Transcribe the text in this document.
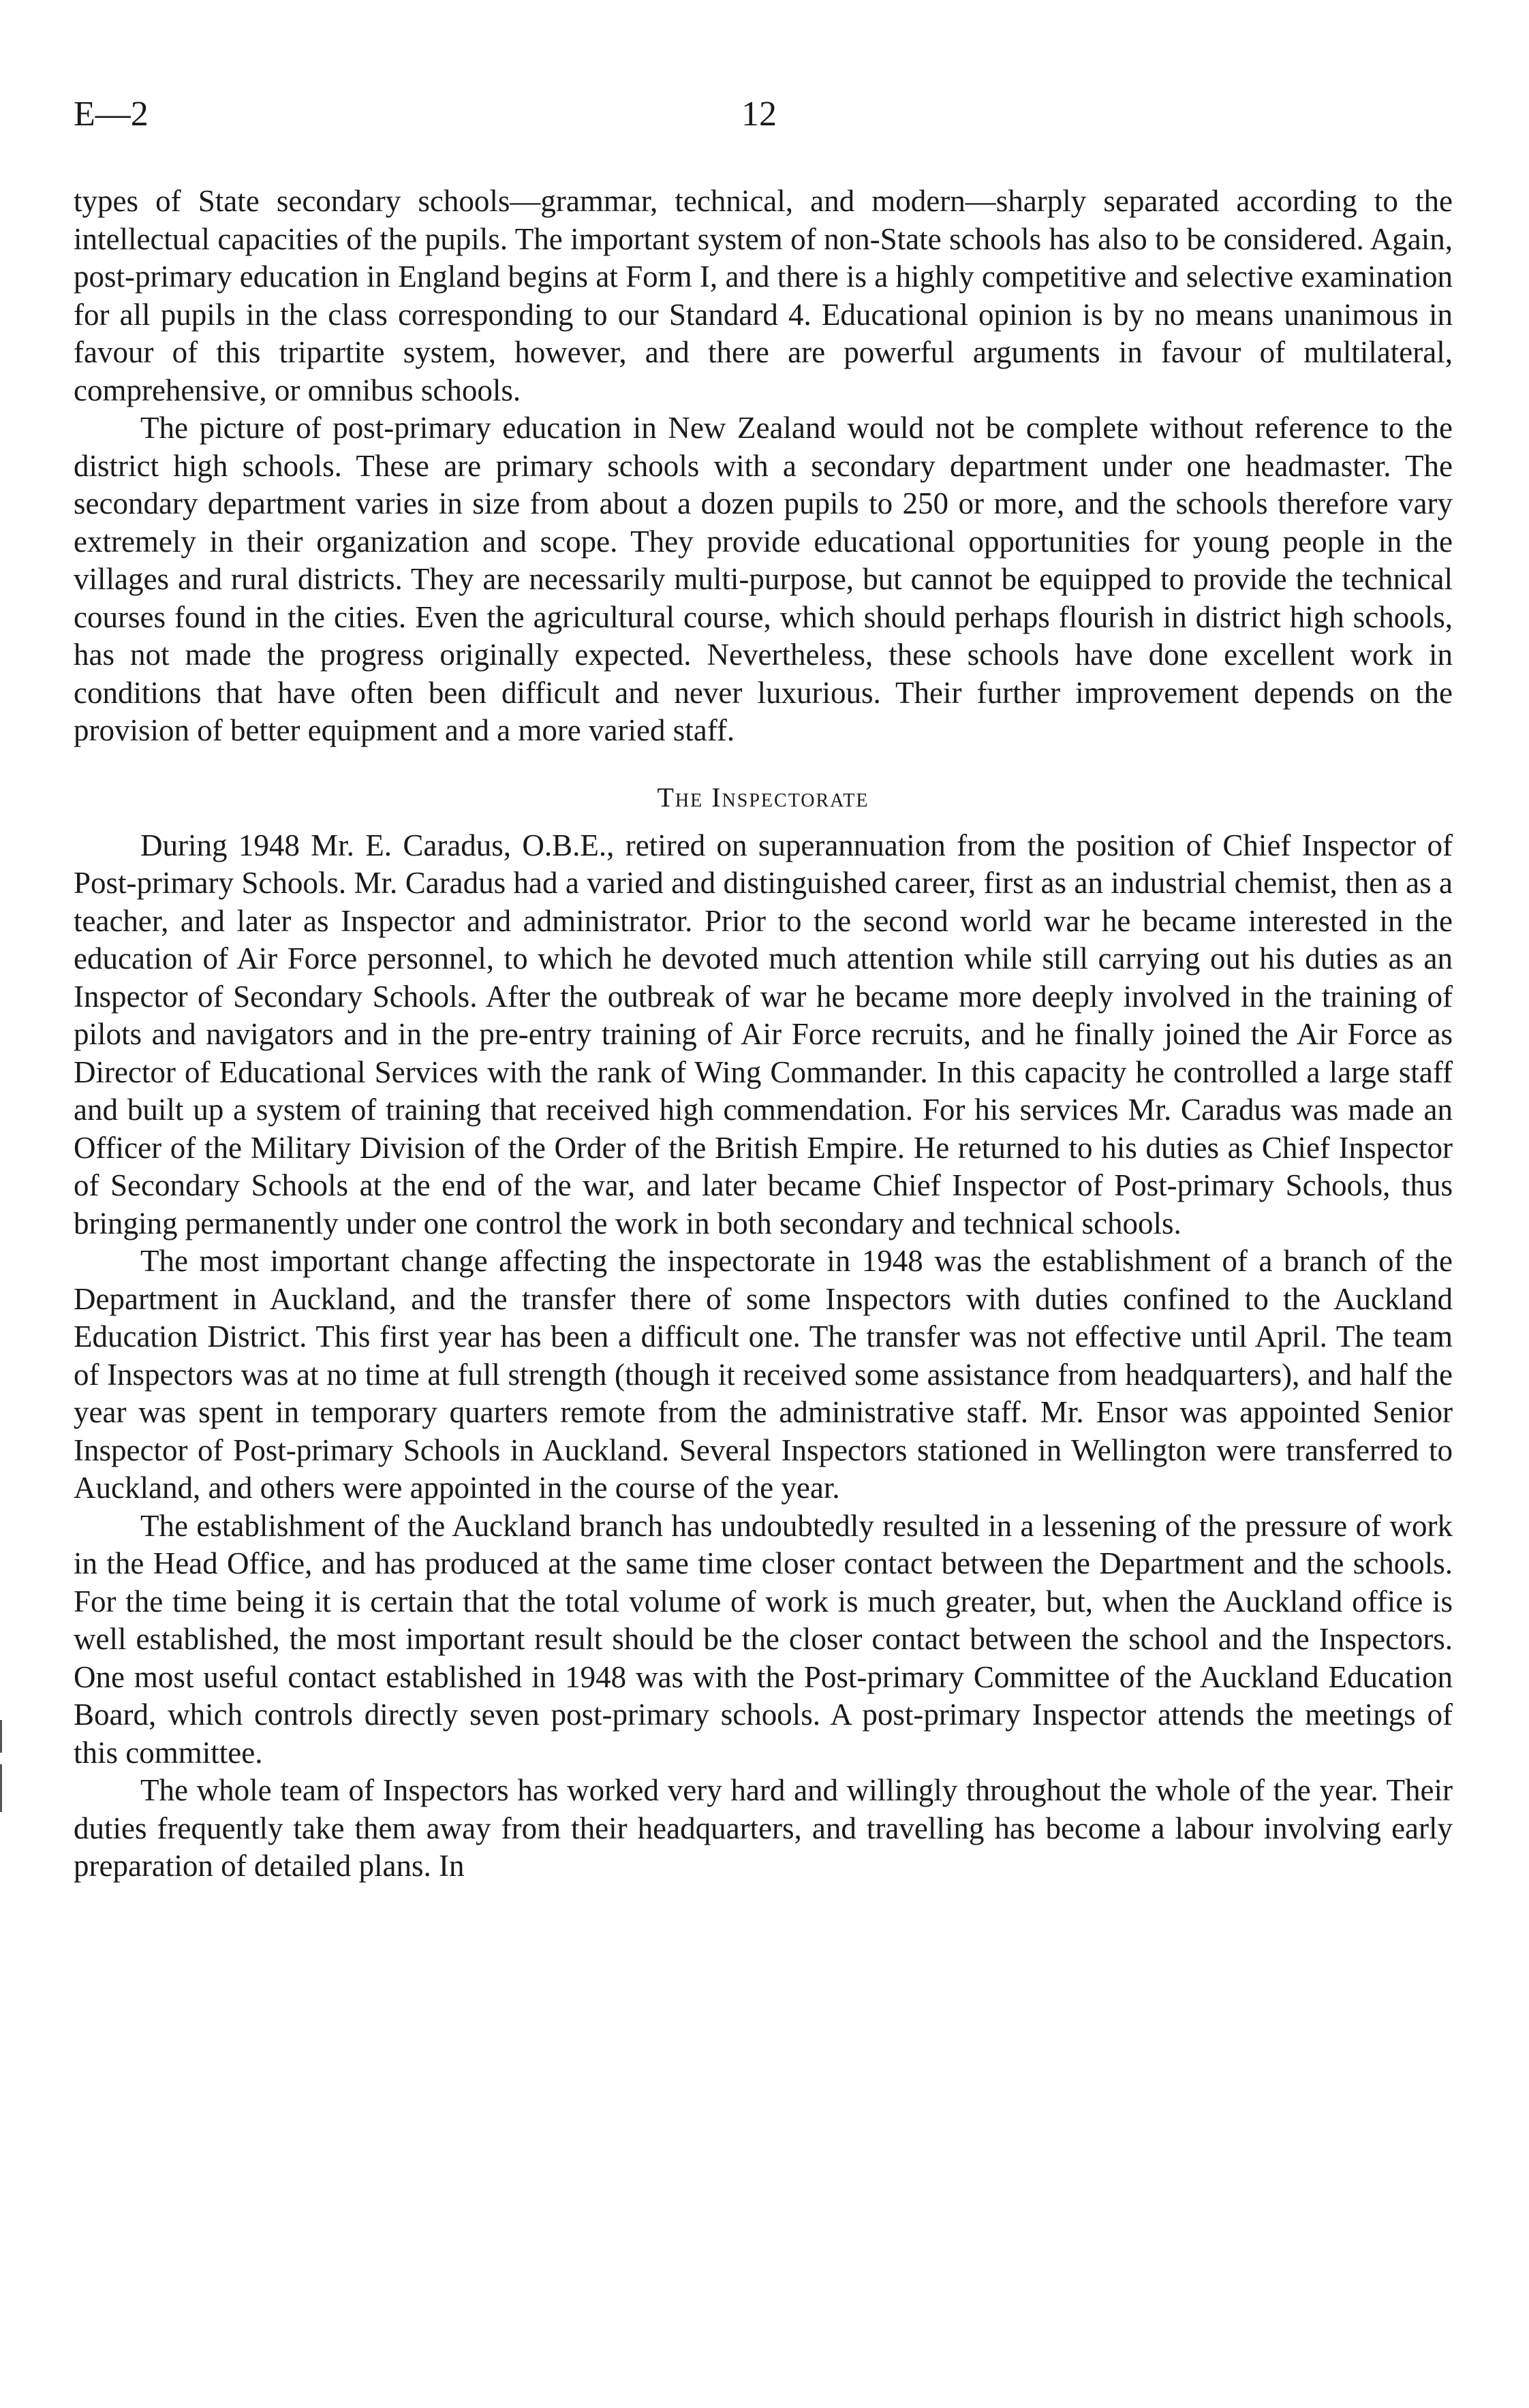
E—2	12

types of State secondary schools—grammar, technical, and modern—sharply separated according to the intellectual capacities of the pupils. The important system of non-State schools has also to be considered. Again, post-primary education in England begins at Form I, and there is a highly competitive and selective examination for all pupils in the class corresponding to our Standard 4. Educational opinion is by no means unanimous in favour of this tripartite system, however, and there are powerful arguments in favour of multilateral, comprehensive, or omnibus schools.

The picture of post-primary education in New Zealand would not be complete without reference to the district high schools. These are primary schools with a secondary department under one headmaster. The secondary department varies in size from about a dozen pupils to 250 or more, and the schools therefore vary extremely in their organization and scope. They provide educational opportunities for young people in the villages and rural districts. They are necessarily multi-purpose, but cannot be equipped to provide the technical courses found in the cities. Even the agricultural course, which should perhaps flourish in district high schools, has not made the progress originally expected. Nevertheless, these schools have done excellent work in conditions that have often been difficult and never luxurious. Their further improvement depends on the provision of better equipment and a more varied staff.

The Inspectorate

During 1948 Mr. E. Caradus, O.B.E., retired on superannuation from the position of Chief Inspector of Post-primary Schools. Mr. Caradus had a varied and distinguished career, first as an industrial chemist, then as a teacher, and later as Inspector and administrator. Prior to the second world war he became interested in the education of Air Force personnel, to which he devoted much attention while still carrying out his duties as an Inspector of Secondary Schools. After the outbreak of war he became more deeply involved in the training of pilots and navigators and in the pre-entry training of Air Force recruits, and he finally joined the Air Force as Director of Educational Services with the rank of Wing Commander. In this capacity he controlled a large staff and built up a system of training that received high commendation. For his services Mr. Caradus was made an Officer of the Military Division of the Order of the British Empire. He returned to his duties as Chief Inspector of Secondary Schools at the end of the war, and later became Chief Inspector of Post-primary Schools, thus bringing permanently under one control the work in both secondary and technical schools.

The most important change affecting the inspectorate in 1948 was the establishment of a branch of the Department in Auckland, and the transfer there of some Inspectors with duties confined to the Auckland Education District. This first year has been a difficult one. The transfer was not effective until April. The team of Inspectors was at no time at full strength (though it received some assistance from headquarters), and half the year was spent in temporary quarters remote from the administrative staff. Mr. Ensor was appointed Senior Inspector of Post-primary Schools in Auckland. Several Inspectors stationed in Wellington were transferred to Auckland, and others were appointed in the course of the year.

The establishment of the Auckland branch has undoubtedly resulted in a lessening of the pressure of work in the Head Office, and has produced at the same time closer contact between the Department and the schools. For the time being it is certain that the total volume of work is much greater, but, when the Auckland office is well established, the most important result should be the closer contact between the school and the Inspectors. One most useful contact established in 1948 was with the Post-primary Committee of the Auckland Education Board, which controls directly seven post-primary schools. A post-primary Inspector attends the meetings of this committee.

The whole team of Inspectors has worked very hard and willingly throughout the whole of the year. Their duties frequently take them away from their headquarters, and travelling has become a labour involving early preparation of detailed plans. In
